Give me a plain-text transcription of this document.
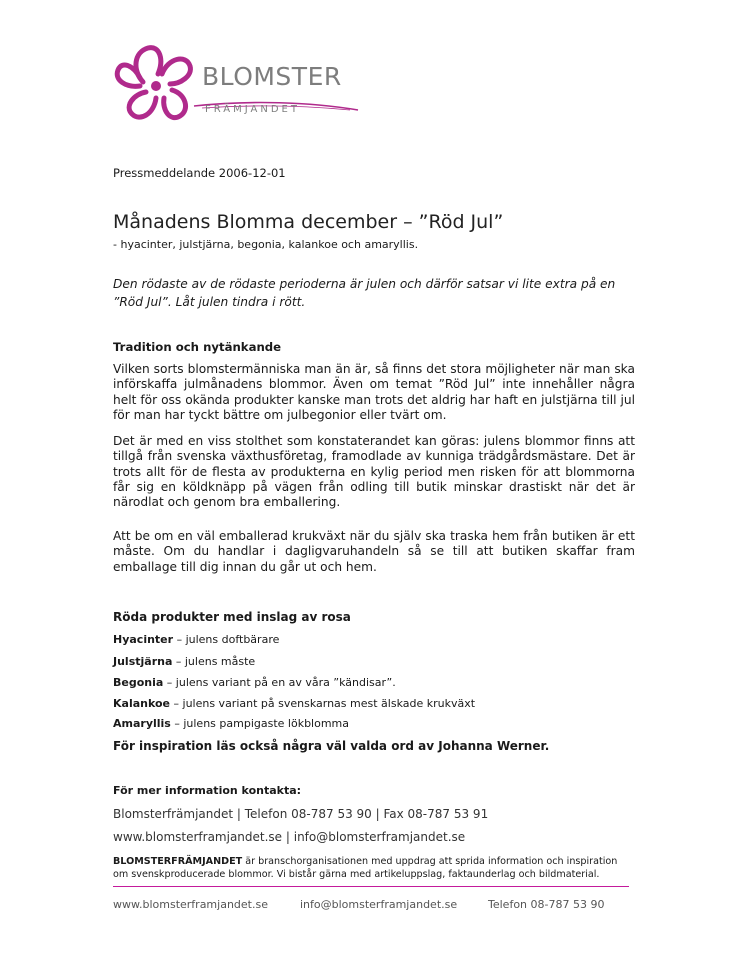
BLOMSTER
FRÄMJANDET
Pressmeddelande 2006-12-01
Månadens Blomma december – ”Röd Jul”
- hyacinter, julstjärna, begonia, kalankoe och amaryllis.

Den rödaste av de rödaste perioderna är julen och därför satsar vi lite extra på en ”Röd Jul”. Låt julen tindra i rött.

Tradition och nytänkande

Vilken sorts blomstermänniska man än är, så finns det stora möjligheter när man ska införskaffa julmånadens blommor. Även om temat ”Röd Jul” inte innehåller några helt för oss okända produkter kanske man trots det aldrig har haft en julstjärna till jul för man har tyckt bättre om julbegonior eller tvärt om.

Det är med en viss stolthet som konstaterandet kan göras: julens blommor finns att tillgå från svenska växthusföretag, framodlade av kunniga trädgårdsmästare. Det är trots allt för de flesta av produkterna en kylig period men risken för att blommorna får sig en köldknäpp på vägen från odling till butik minskar drastiskt när det är närodlat och genom bra emballering.

Att be om en väl emballerad krukväxt när du själv ska traska hem från butiken är ett måste. Om du handlar i dagligvaruhandeln så se till att butiken skaffar fram emballage till dig innan du går ut och hem.

Röda produkter med inslag av rosa
Hyacinter – julens doftbärare
Julstjärna – julens måste
Begonia – julens variant på en av våra ”kändisar”.
Kalankoe – julens variant på svenskarnas mest älskade krukväxt
Amaryllis – julens pampigaste lökblomma
För inspiration läs också några väl valda ord av Johanna Werner.
För mer information kontakta:
Blomsterfrämjandet | Telefon 08-787 53 90 | Fax 08-787 53 91
www.blomsterframjandet.se | info@blomsterframjandet.se

BLOMSTERFRÄMJANDET är branschorganisationen med uppdrag att sprida information och inspiration om svenskproducerade blommor. Vi bistår gärna med artikeluppslag, faktaunderlag och bildmaterial.

www.blomsterframjandet.se	info@blomsterframjandet.se	Telefon 08-787 53 90
